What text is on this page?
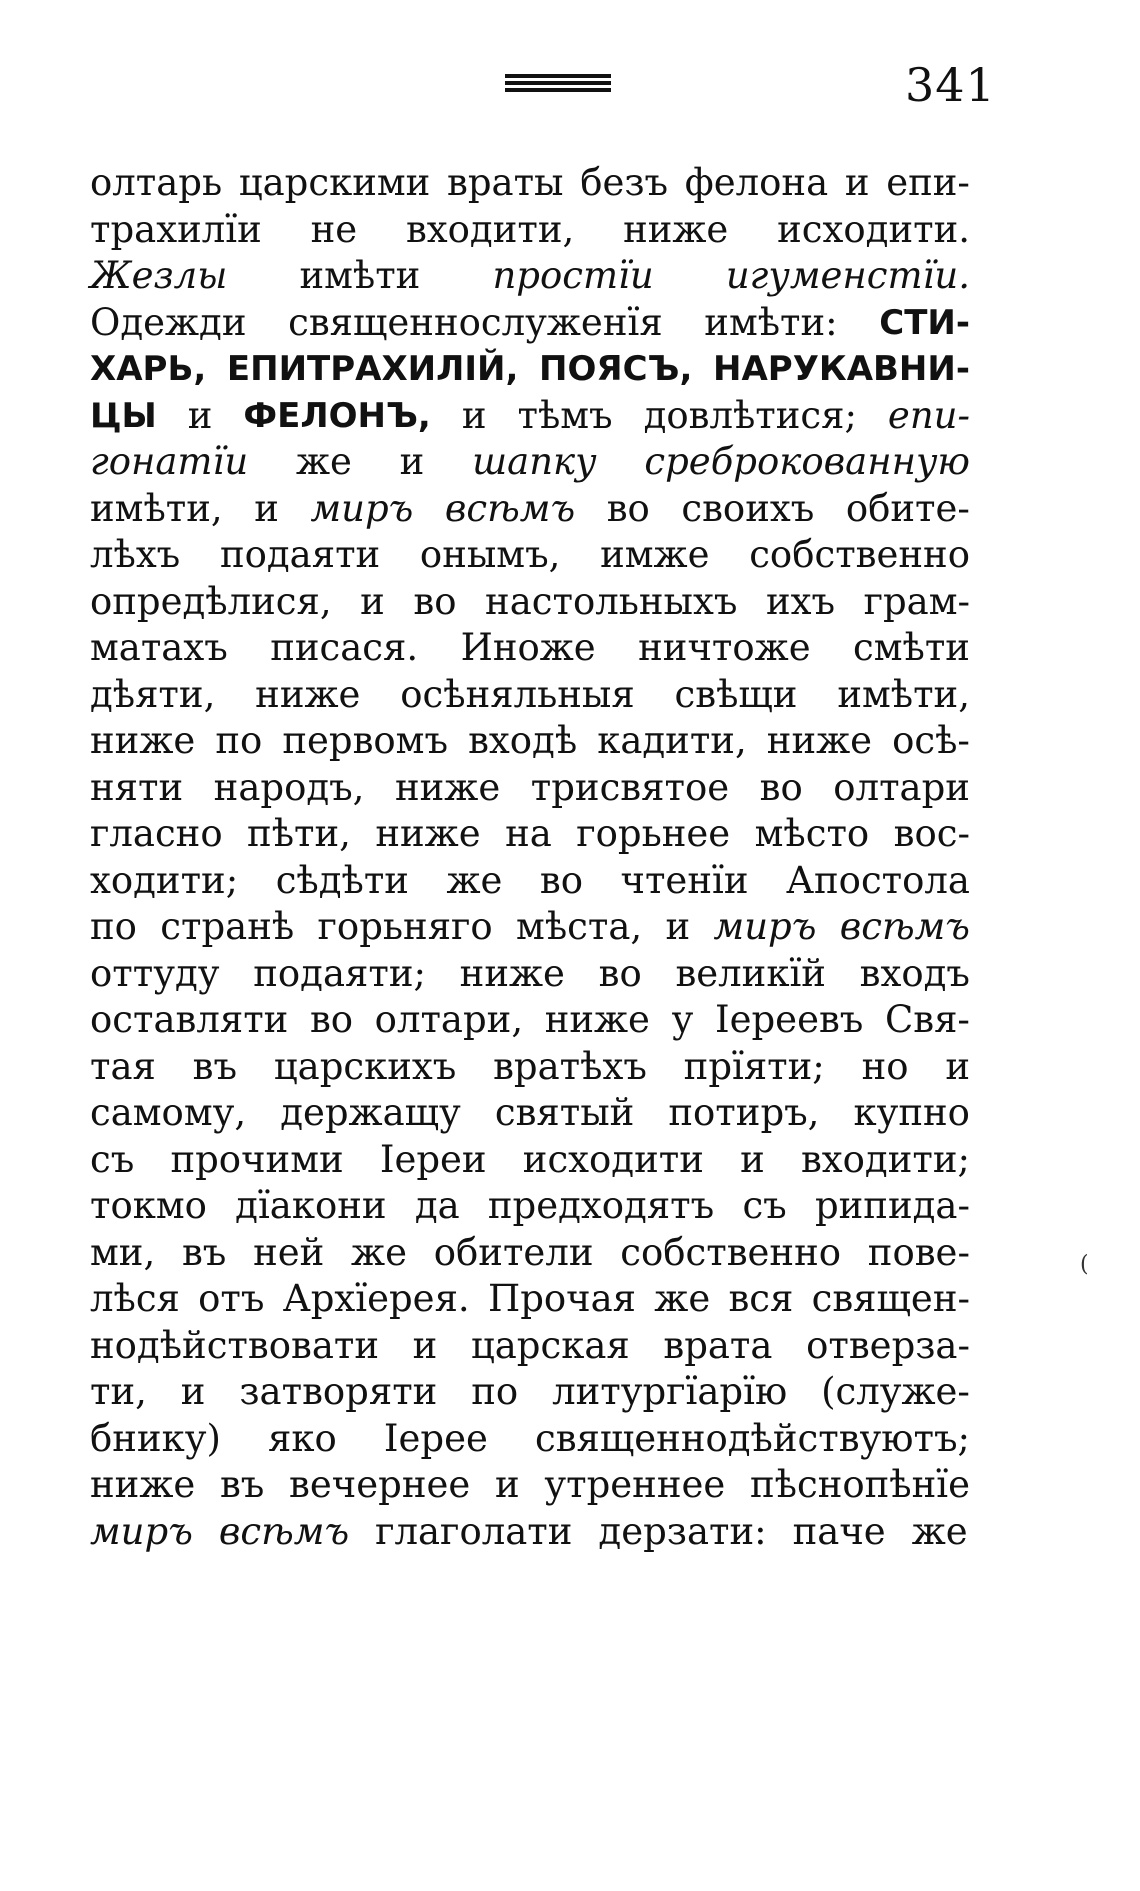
341
олтарь царскими враты безъ фелона и епи-
трахилїи не входити, ниже исходити.
Жезлы имѣти простїи игуменстїи.
Одежди священнослуженїя имѣти: СТИ-
ХАРЬ, ЕПИТРАХИЛІЙ, ПОЯСЪ, НАРУКАВНИ-
ЦЫ и ФЕЛОНЪ, и тѣмъ довлѣтися; епи-
гонатїи же и шапку среброкованную
имѣти, и миръ всѣмъ во своихъ обите-
лѣхъ подаяти онымъ, имже собственно
опредѣлися, и во настольныхъ ихъ грам-
матахъ писася. Иноже ничтоже смѣти
дѣяти, ниже осѣняльныя свѣщи имѣти,
ниже по первомъ входѣ кадити, ниже осѣ-
няти народъ, ниже трисвятое во олтари
гласно пѣти, ниже на горьнее мѣсто вос-
ходити; сѣдѣти же во чтенїи Апостола
по странѣ горьняго мѣста, и миръ всѣмъ
оттуду подаяти; ниже во великїй входъ
оставляти во олтари, ниже у Iереевъ Свя-
тая въ царскихъ вратѣхъ прїяти; но и
самому, держащу святый потиръ, купно
съ прочими Iереи исходити и входити;
токмо дїакони да предходятъ съ рипида-
ми, въ ней же обители собственно пове-
лѣся отъ Архїерея. Прочая же вся священ-
нодѣйствовати и царская врата отверза-
ти, и затворяти по литургїарїю (служе-
бнику) яко Iерее священнодѣйствуютъ;
ниже въ вечернее и утреннее пѣснопѣнїе
миръ всѣмъ глаголати дерзати: паче же
(
